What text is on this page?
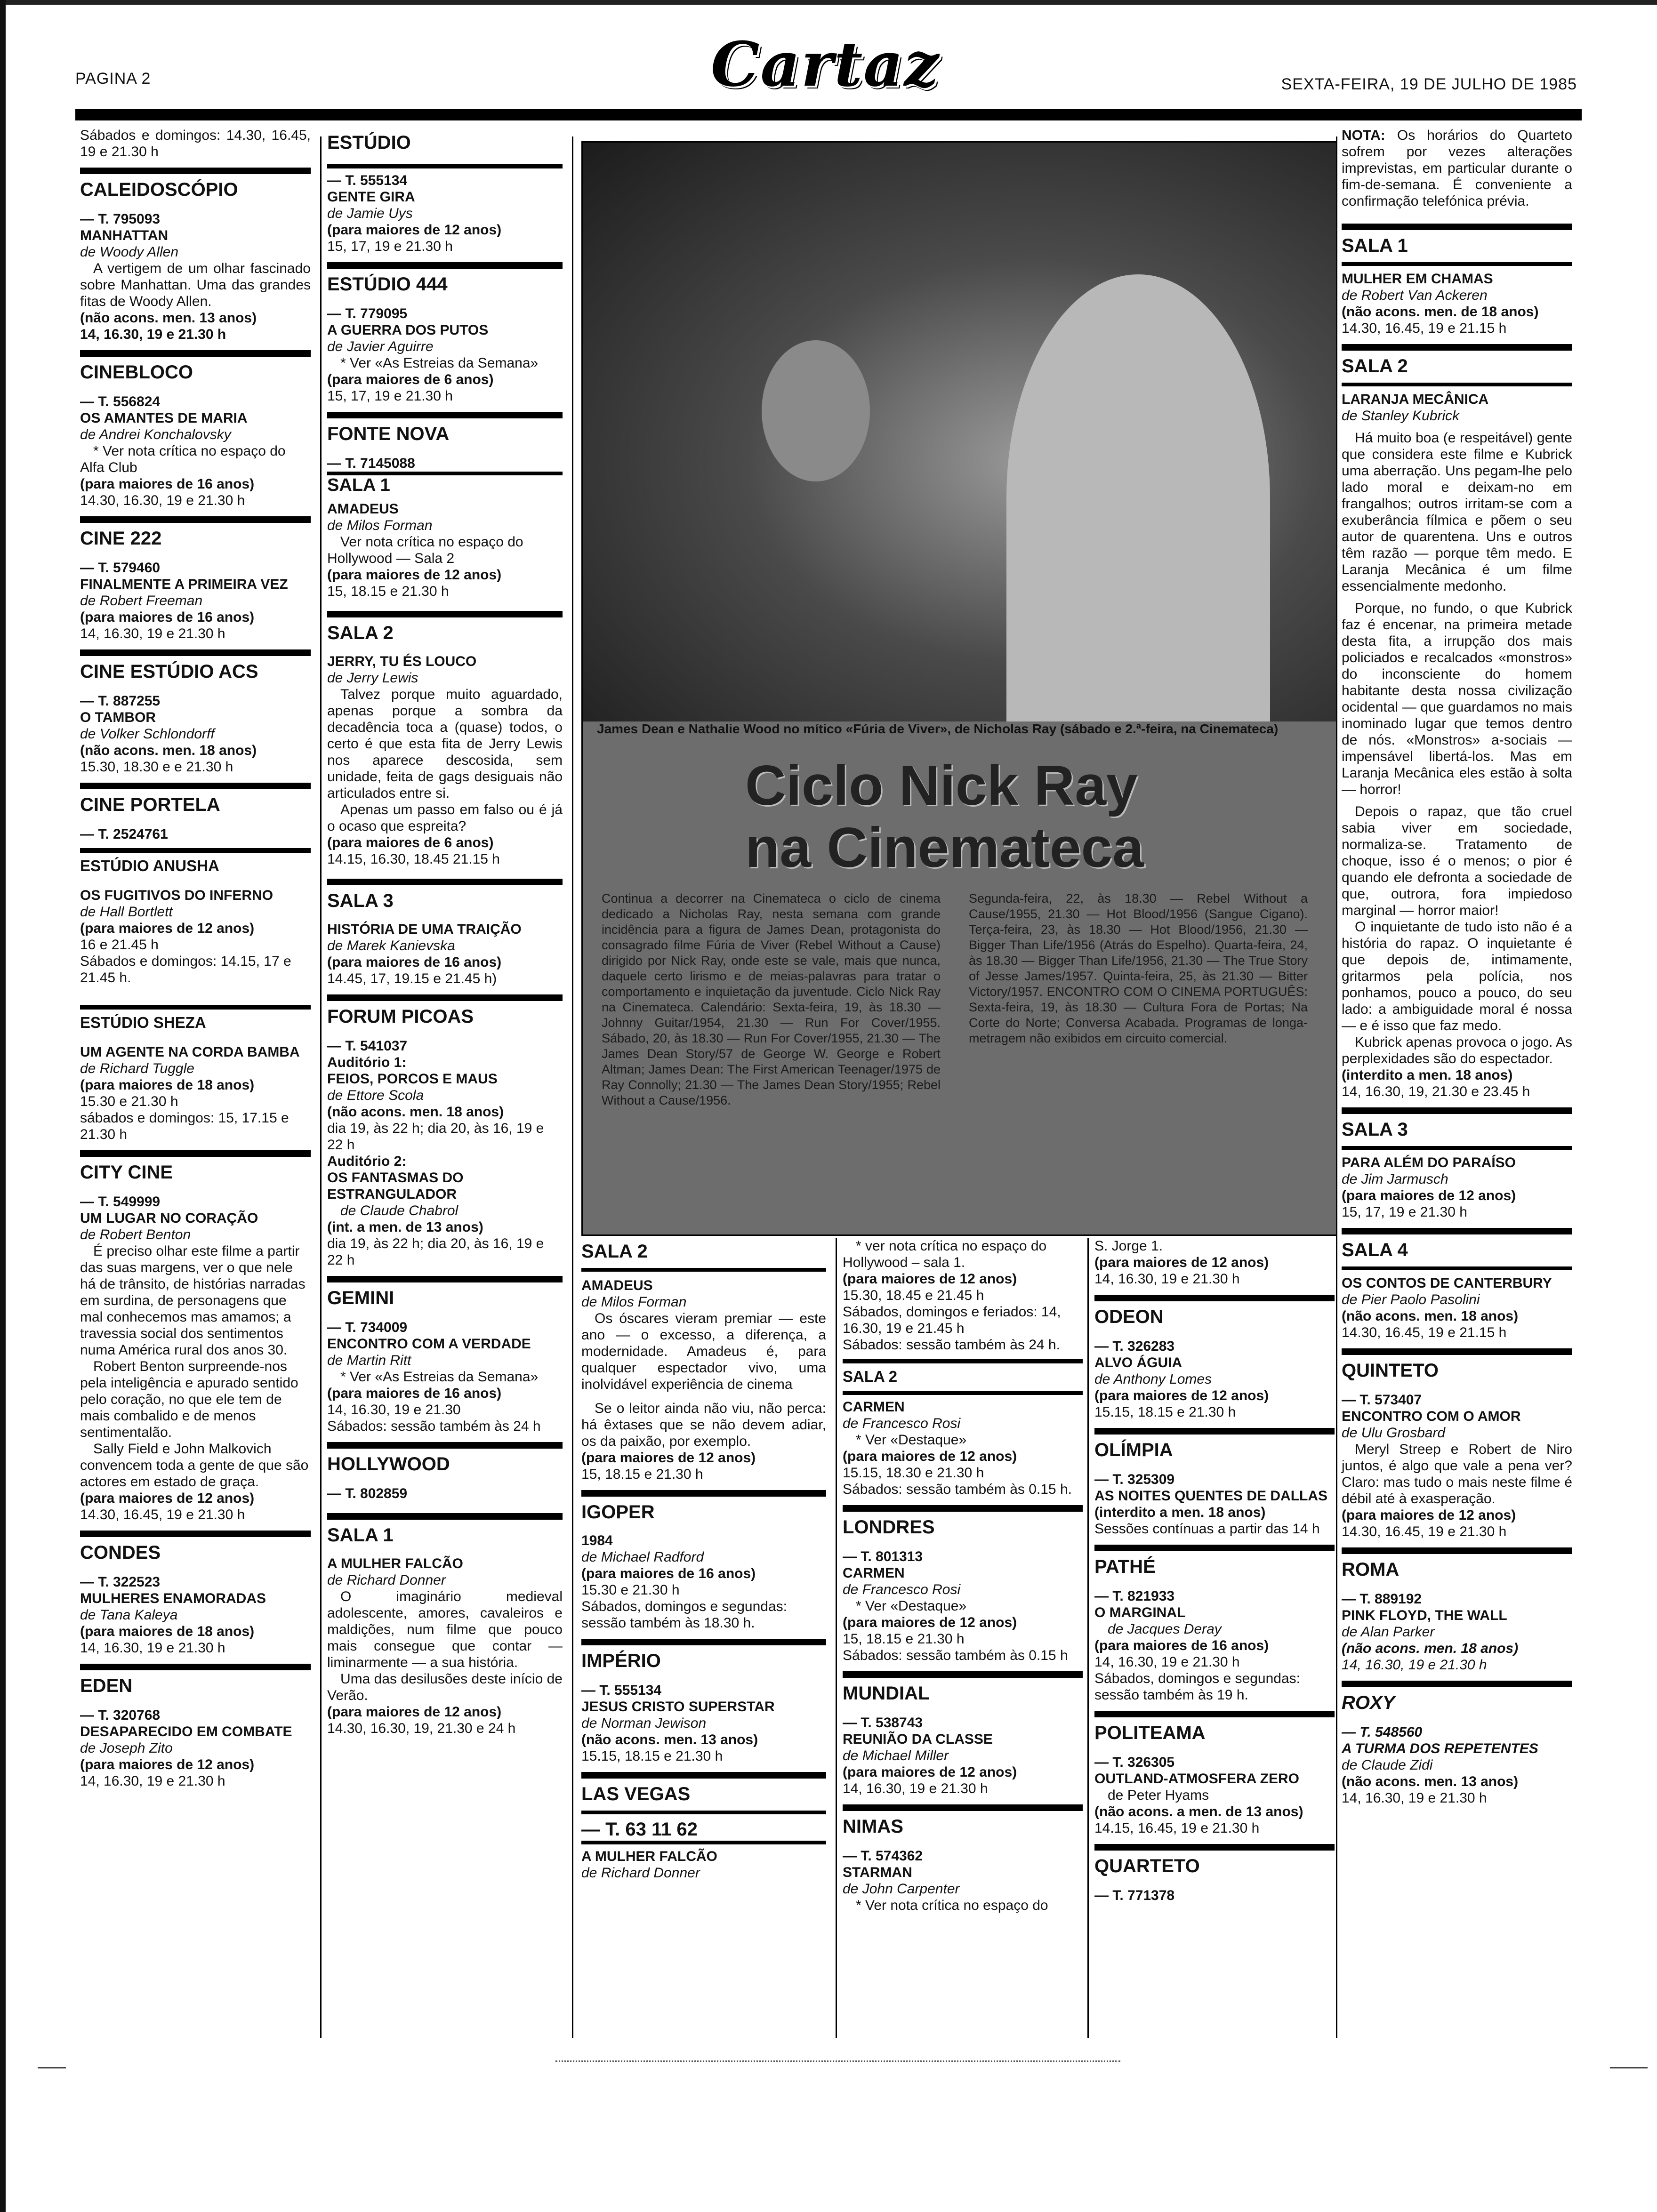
PAGINA 2	Cartaz	SEXTA-FEIRA, 19 DE JULHO DE 1985
Sábados e domingos: 14.30, 16.45, 19 e 21.30 h
CALEIDOSCÓPIO
— T. 795093
MANHATTAN
de Woody Allen
A vertigem de um olhar fascinado sobre Manhattan. Uma das grandes fitas de Woody Allen.
(não acons. men. 13 anos)
14, 16.30, 19 e 21.30 h
CINEBLOCO
— T. 556824
OS AMANTES DE MARIA
de Andrei Konchalovsky
* Ver nota crítica no espaço do Alfa Club
(para maiores de 16 anos)
14.30, 16.30, 19 e 21.30 h
CINE 222
— T. 579460
FINALMENTE A PRIMEIRA VEZ
de Robert Freeman
(para maiores de 16 anos)
14, 16.30, 19 e 21.30 h
CINE ESTÚDIO ACS
— T. 887255
O TAMBOR
de Volker Schlondorff
(não acons. men. 18 anos)
15.30, 18.30 e e 21.30 h
CINE PORTELA
— T. 2524761
ESTÚDIO ANUSHA
OS FUGITIVOS DO INFERNO
de Hall Bortlett
(para maiores de 12 anos)
16 e 21.45 h
Sábados e domingos: 14.15, 17 e 21.45 h.
ESTÚDIO SHEZA
UM AGENTE NA CORDA BAMBA
de Richard Tuggle
(para maiores de 18 anos)
15.30 e 21.30 h
sábados e domingos: 15, 17.15 e 21.30 h
CITY CINE
— T. 549999
UM LUGAR NO CORAÇÃO
de Robert Benton
É preciso olhar este filme a partir das suas margens, ver o que nele há de trânsito, de histórias narradas em surdina, de personagens que mal conhecemos mas amamos; a travessia social dos sentimentos numa América rural dos anos 30.
Robert Benton surpreende-nos pela inteligência e apurado sentido pelo coração, no que ele tem de mais combalido e de menos sentimentalão.
Sally Field e John Malkovich convencem toda a gente de que são actores em estado de graça.
(para maiores de 12 anos)
14.30, 16.45, 19 e 21.30 h
CONDES
— T. 322523
MULHERES ENAMORADAS
de Tana Kaleya
(para maiores de 18 anos)
14, 16.30, 19 e 21.30 h
EDEN
— T. 320768
DESAPARECIDO EM COMBATE
de Joseph Zito
(para maiores de 12 anos)
14, 16.30, 19 e 21.30 h
ESTÚDIO
— T. 555134
GENTE GIRA
de Jamie Uys
(para maiores de 12 anos)
15, 17, 19 e 21.30 h
ESTÚDIO 444
— T. 779095
A GUERRA DOS PUTOS
de Javier Aguirre
* Ver «As Estreias da Semana»
(para maiores de 6 anos)
15, 17, 19 e 21.30 h
FONTE NOVA
— T. 7145088
SALA 1
AMADEUS
de Milos Forman
Ver nota crítica no espaço do Hollywood — Sala 2
(para maiores de 12 anos)
15, 18.15 e 21.30 h
SALA 2
JERRY, TU ÉS LOUCO
de Jerry Lewis
Talvez porque muito aguardado, apenas porque a sombra da decadência toca a (quase) todos, o certo é que esta fita de Jerry Lewis nos aparece descosida, sem unidade, feita de gags desiguais não articulados entre si.
Apenas um passo em falso ou é já o ocaso que espreita?
(para maiores de 6 anos)
14.15, 16.30, 18.45 21.15 h
SALA 3
HISTÓRIA DE UMA TRAIÇÃO
de Marek Kanievska
(para maiores de 16 anos)
14.45, 17, 19.15 e 21.45 h)
FORUM PICOAS
— T. 541037
Auditório 1:
FEIOS, PORCOS E MAUS
de Ettore Scola
(não acons. men. 18 anos)
dia 19, às 22 h; dia 20, às 16, 19 e 22 h
Auditório 2:
OS FANTASMAS DO ESTRANGULADOR
de Claude Chabrol
(int. a men. de 13 anos)
dia 19, às 22 h; dia 20, às 16, 19 e 22 h
GEMINI
— T. 734009
ENCONTRO COM A VERDADE
de Martin Ritt
* Ver «As Estreias da Semana»
(para maiores de 16 anos)
14, 16.30, 19 e 21.30
Sábados: sessão também às 24 h
HOLLYWOOD
— T. 802859
SALA 1
A MULHER FALCÃO
de Richard Donner
O imaginário medieval adolescente, amores, cavaleiros e maldições, num filme que pouco mais consegue que contar — liminarmente — a sua história.
Uma das desilusões deste início de Verão.
(para maiores de 12 anos)
14.30, 16.30, 19, 21.30 e 24 h
James Dean e Nathalie Wood no mítico «Fúria de Viver», de Nicholas Ray (sábado e 2.ª-feira, na Cinemateca)
Ciclo Nick Ray
na Cinemateca
Continua a decorrer na Cinemateca o ciclo de cinema dedicado a Nicholas Ray, nesta semana com grande incidência para a figura de James Dean, protagonista do consagrado filme Fúria de Viver (Rebel Without a Cause) dirigido por Nick Ray, onde este se vale, mais que nunca, daquele certo lirismo e de meias-palavras para tratar o comportamento e inquietação da juventude. Ciclo Nick Ray na Cinemateca. Calendário: Sexta-feira, 19, às 18.30 — Johnny Guitar/1954, 21.30 — Run For Cover/1955. Sábado, 20, às 18.30 — Run For Cover/1955, 21.30 — The James Dean Story/57 de George W. George e Robert Altman; James Dean: The First American Teenager/1975 de Ray Connolly; 21.30 — The James Dean Story/1955; Rebel Without a Cause/1956.
Segunda-feira, 22, às 18.30 — Rebel Without a Cause/1955, 21.30 — Hot Blood/1956 (Sangue Cigano). Terça-feira, 23, às 18.30 — Hot Blood/1956, 21.30 — Bigger Than Life/1956 (Atrás do Espelho). Quarta-feira, 24, às 18.30 — Bigger Than Life/1956, 21.30 — The True Story of Jesse James/1957. Quinta-feira, 25, às 21.30 — Bitter Victory/1957. ENCONTRO COM O CINEMA PORTUGUÊS: Sexta-feira, 19, às 18.30 — Cultura Fora de Portas; Na Corte do Norte; Conversa Acabada. Programas de longa-metragem não exibidos em circuito comercial.
SALA 2
AMADEUS
de Milos Forman
Os óscares vieram premiar — este ano — o excesso, a diferença, a modernidade. Amadeus é, para qualquer espectador vivo, uma inolvidável experiência de cinema
Se o leitor ainda não viu, não perca: há êxtases que se não devem adiar, os da paixão, por exemplo.
(para maiores de 12 anos)
15, 18.15 e 21.30 h
IGOPER
1984
de Michael Radford
(para maiores de 16 anos)
15.30 e 21.30 h
Sábados, domingos e segundas: sessão também às 18.30 h.
IMPÉRIO
— T. 555134
JESUS CRISTO SUPERSTAR
de Norman Jewison
(não acons. men. 13 anos)
15.15, 18.15 e 21.30 h
LAS VEGAS
— T. 63 11 62
A MULHER FALCÃO
de Richard Donner
* ver nota crítica no espaço do Hollywood – sala 1.
(para maiores de 12 anos)
15.30, 18.45 e 21.45 h
Sábados, domingos e feriados: 14, 16.30, 19 e 21.45 h
Sábados: sessão também às 24 h.
SALA 2
CARMEN
de Francesco Rosi
* Ver «Destaque»
(para maiores de 12 anos)
15.15, 18.30 e 21.30 h
Sábados: sessão também às 0.15 h.
LONDRES
— T. 801313
CARMEN
de Francesco Rosi
* Ver «Destaque»
(para maiores de 12 anos)
15, 18.15 e 21.30 h
Sábados: sessão também às 0.15 h
MUNDIAL
— T. 538743
REUNIÃO DA CLASSE
de Michael Miller
(para maiores de 12 anos)
14, 16.30, 19 e 21.30 h
NIMAS
— T. 574362
STARMAN
de John Carpenter
* Ver nota crítica no espaço do
S. Jorge 1.
(para maiores de 12 anos)
14, 16.30, 19 e 21.30 h
ODEON
— T. 326283
ALVO ÁGUIA
de Anthony Lomes
(para maiores de 12 anos)
15.15, 18.15 e 21.30 h
OLÍMPIA
— T. 325309
AS NOITES QUENTES DE DALLAS
(interdito a men. 18 anos)
Sessões contínuas a partir das 14 h
PATHÉ
— T. 821933
O MARGINAL
de Jacques Deray
(para maiores de 16 anos)
14, 16.30, 19 e 21.30 h
Sábados, domingos e segundas: sessão também às 19 h.
POLITEAMA
— T. 326305
OUTLAND-ATMOSFERA ZERO
de Peter Hyams
(não acons. a men. de 13 anos)
14.15, 16.45, 19 e 21.30 h
QUARTETO
— T. 771378
NOTA: Os horários do Quarteto sofrem por vezes alterações imprevistas, em particular durante o fim-de-semana. É conveniente a confirmação telefónica prévia.
SALA 1
MULHER EM CHAMAS
de Robert Van Ackeren
(não acons. men. de 18 anos)
14.30, 16.45, 19 e 21.15 h
SALA 2
LARANJA MECÂNICA
de Stanley Kubrick
Há muito boa (e respeitável) gente que considera este filme e Kubrick uma aberração. Uns pegam-lhe pelo lado moral e deixam-no em frangalhos; outros irritam-se com a exuberância fílmica e põem o seu autor de quarentena. Uns e outros têm razão — porque têm medo. E Laranja Mecânica é um filme essencialmente medonho.
Porque, no fundo, o que Kubrick faz é encenar, na primeira metade desta fita, a irrupção dos mais policiados e recalcados «monstros» do inconsciente do homem habitante desta nossa civilização ocidental — que guardamos no mais inominado lugar que temos dentro de nós. «Monstros» a-sociais — impensável libertá-los. Mas em Laranja Mecânica eles estão à solta — horror!
Depois o rapaz, que tão cruel sabia viver em sociedade, normaliza-se. Tratamento de choque, isso é o menos; o pior é quando ele defronta a sociedade de que, outrora, fora impiedoso marginal — horror maior!
O inquietante de tudo isto não é a história do rapaz. O inquietante é que depois de, intimamente, gritarmos pela polícia, nos ponhamos, pouco a pouco, do seu lado: a ambiguidade moral é nossa — e é isso que faz medo.
Kubrick apenas provoca o jogo. As perplexidades são do espectador.
(interdito a men. 18 anos)
14, 16.30, 19, 21.30 e 23.45 h
SALA 3
PARA ALÉM DO PARAÍSO
de Jim Jarmusch
(para maiores de 12 anos)
15, 17, 19 e 21.30 h
SALA 4
OS CONTOS DE CANTERBURY
de Pier Paolo Pasolini
(não acons. men. 18 anos)
14.30, 16.45, 19 e 21.15 h
QUINTETO
— T. 573407
ENCONTRO COM O AMOR
de Ulu Grosbard
Meryl Streep e Robert de Niro juntos, é algo que vale a pena ver? Claro: mas tudo o mais neste filme é débil até à exasperação.
(para maiores de 12 anos)
14.30, 16.45, 19 e 21.30 h
ROMA
— T. 889192
PINK FLOYD, THE WALL
de Alan Parker
(não acons. men. 18 anos)
14, 16.30, 19 e 21.30 h
ROXY
— T. 548560
A TURMA DOS REPETENTES
de Claude Zidi
(não acons. men. 13 anos)
14, 16.30, 19 e 21.30 h
